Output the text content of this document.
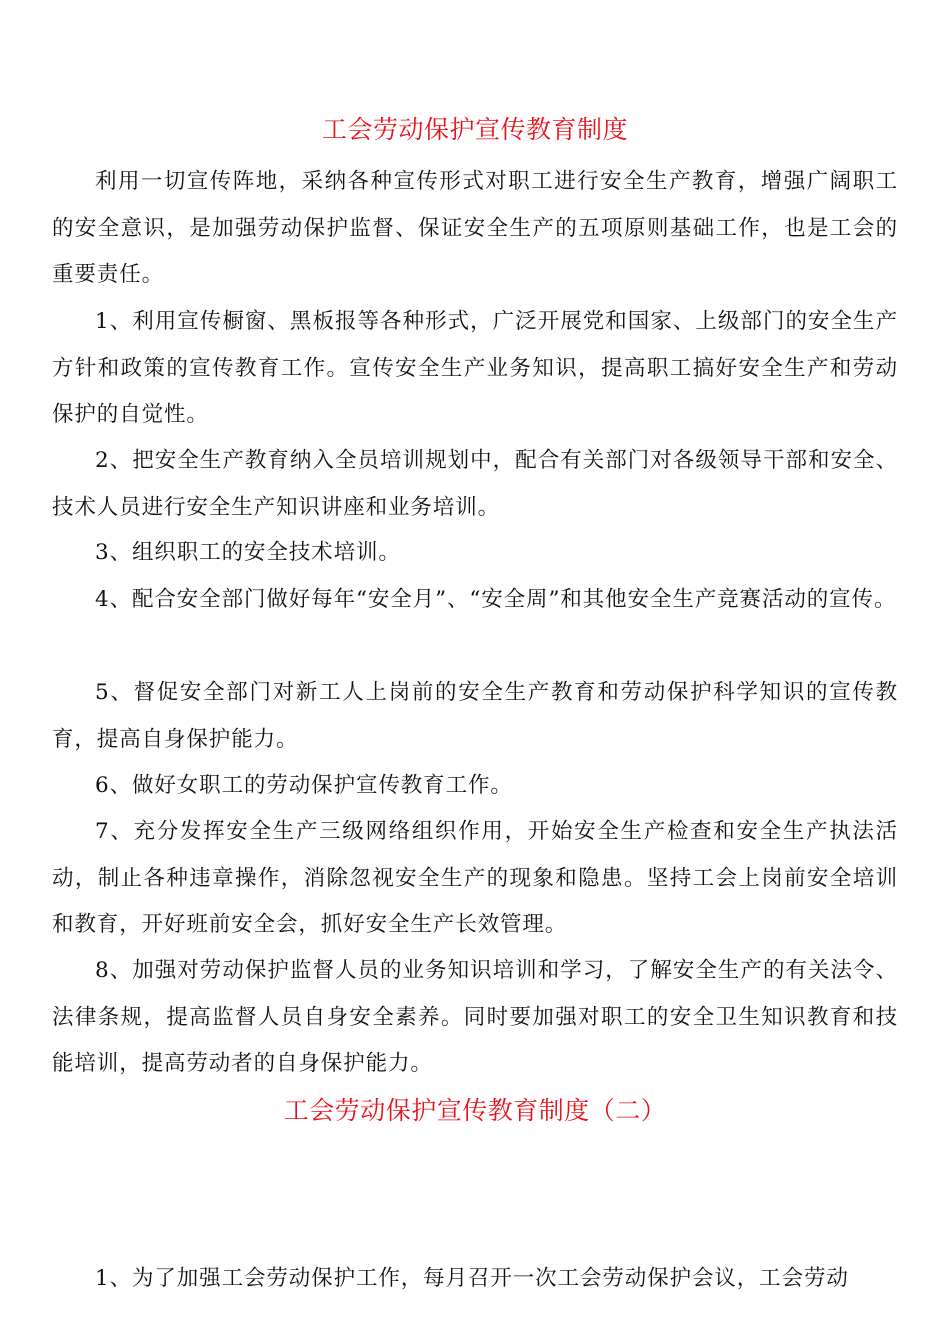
工会劳动保护宣传教育制度

利用一切宣传阵地，采纳各种宣传形式对职工进行安全生产教育，增强广阔职工的安全意识，是加强劳动保护监督、保证安全生产的五项原则基础工作，也是工会的重要责任。

1、利用宣传橱窗、黑板报等各种形式，广泛开展党和国家、上级部门的安全生产方针和政策的宣传教育工作。宣传安全生产业务知识，提高职工搞好安全生产和劳动保护的自觉性。

2、把安全生产教育纳入全员培训规划中，配合有关部门对各级领导干部和安全、技术人员进行安全生产知识讲座和业务培训。

3、组织职工的安全技术培训。

4、配合安全部门做好每年“安全月”、“安全周”和其他安全生产竞赛活动的宣传。

5、督促安全部门对新工人上岗前的安全生产教育和劳动保护科学知识的宣传教育，提高自身保护能力。

6、做好女职工的劳动保护宣传教育工作。

7、充分发挥安全生产三级网络组织作用，开始安全生产检查和安全生产执法活动，制止各种违章操作，消除忽视安全生产的现象和隐患。坚持工会上岗前安全培训和教育，开好班前安全会，抓好安全生产长效管理。

8、加强对劳动保护监督人员的业务知识培训和学习，了解安全生产的有关法令、法律条规，提高监督人员自身安全素养。同时要加强对职工的安全卫生知识教育和技能培训，提高劳动者的自身保护能力。

工会劳动保护宣传教育制度（二）

1、为了加强工会劳动保护工作，每月召开一次工会劳动保护会议，工会劳动
